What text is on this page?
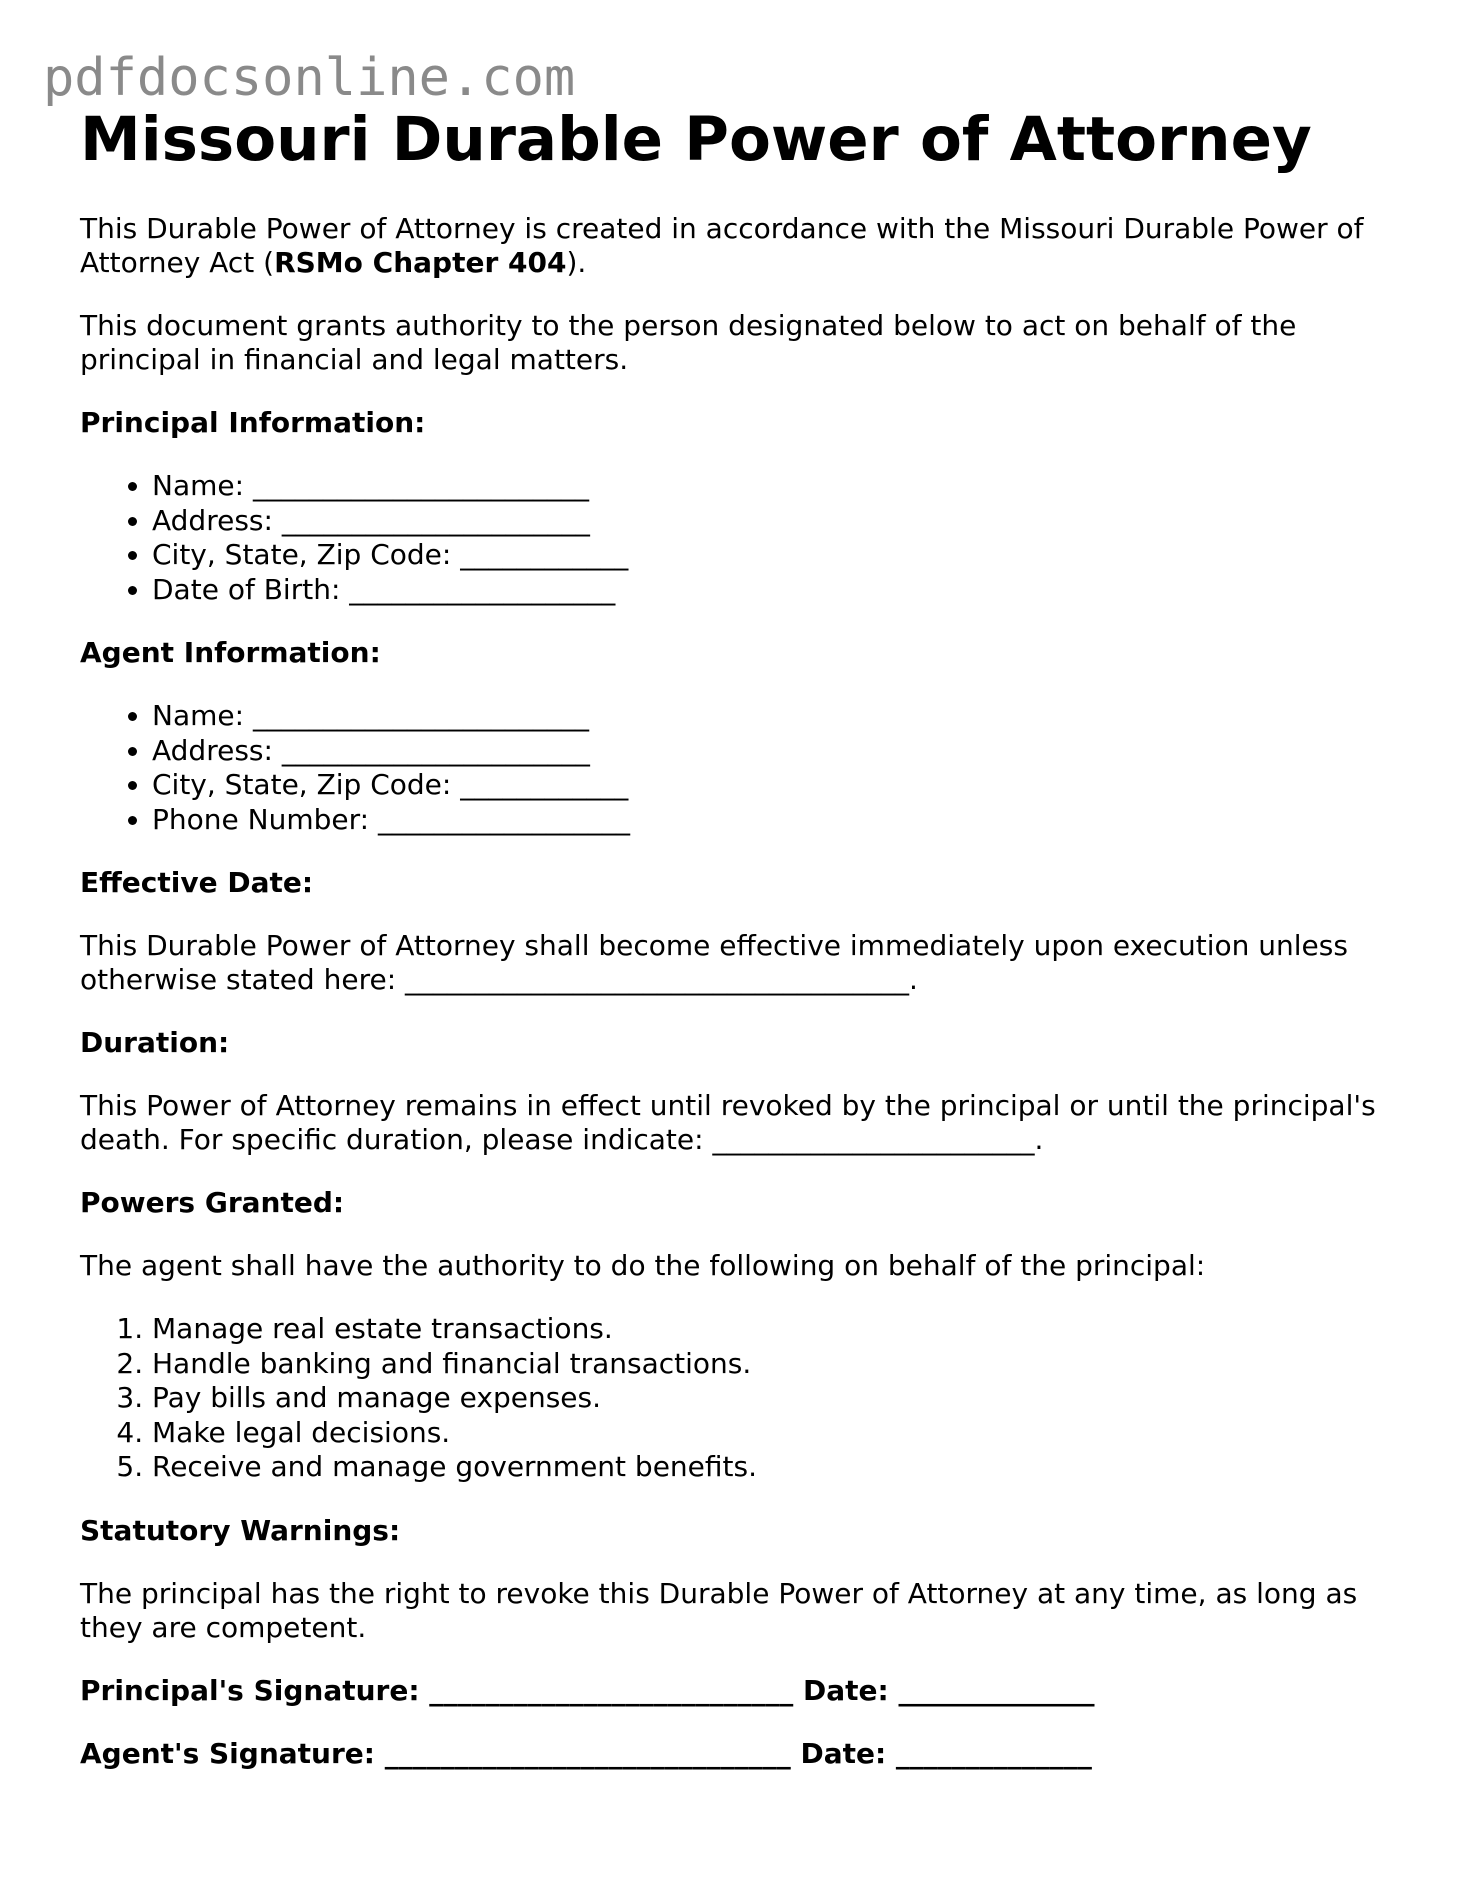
pdfdocsonline.com
Missouri Durable Power of Attorney

This Durable Power of Attorney is created in accordance with the Missouri Durable Power of Attorney Act (RSMo Chapter 404).

This document grants authority to the person designated below to act on behalf of the principal in financial and legal matters.

Principal Information:
• Name: ________________________
• Address: ______________________
• City, State, Zip Code: ____________
• Date of Birth: ___________________
Agent Information:
• Name: ________________________
• Address: ______________________
• City, State, Zip Code: ____________
• Phone Number: __________________
Effective Date:

This Durable Power of Attorney shall become effective immediately upon execution unless otherwise stated here: ____________________________________.

Duration:

This Power of Attorney remains in effect until revoked by the principal or until the principal's death. For specific duration, please indicate: _______________________.

Powers Granted:

The agent shall have the authority to do the following on behalf of the principal:

1. Manage real estate transactions.
2. Handle banking and financial transactions.
3. Pay bills and manage expenses.
4. Make legal decisions.
5. Receive and manage government benefits.
Statutory Warnings:

The principal has the right to revoke this Durable Power of Attorney at any time, as long as they are competent.

Principal's Signature: __________________________ Date: ______________
Agent's Signature: _____________________________ Date: ______________
